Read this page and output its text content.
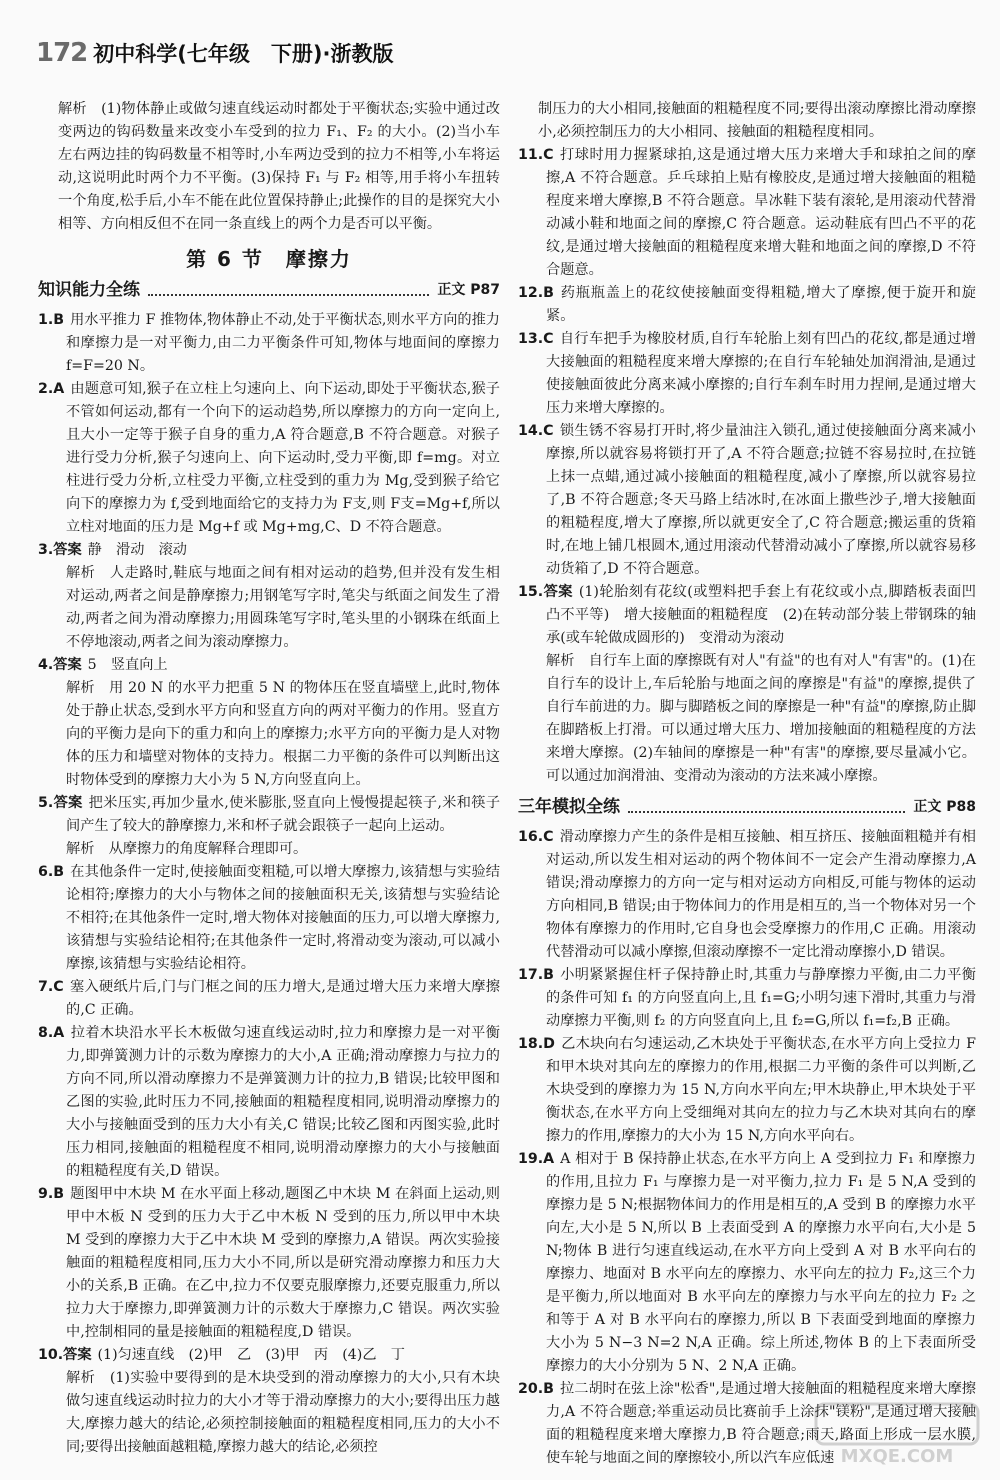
172 初中科学(七年级　下册)·浙教版

解析　(1)物体静止或做匀速直线运动时都处于平衡状态;实验中通过改变两边的钩码数量来改变小车受到的拉力 F₁、F₂ 的大小。(2)当小车左右两边挂的钩码数量不相等时,小车两边受到的拉力不相等,小车将运动,这说明此时两个力不平衡。(3)保持 F₁ 与 F₂ 相等,用手将小车扭转一个角度,松手后,小车不能在此位置保持静止;此操作的目的是探究大小相等、方向相反但不在同一条直线上的两个力是否可以平衡。

第 6 节　摩擦力
知识能力全练	正文 P87

1.B 用水平推力 F 推物体,物体静止不动,处于平衡状态,则水平方向的推力和摩擦力是一对平衡力,由二力平衡条件可知,物体与地面间的摩擦力 f=F=20 N。

2.A 由题意可知,猴子在立柱上匀速向上、向下运动,即处于平衡状态,猴子不管如何运动,都有一个向下的运动趋势,所以摩擦力的方向一定向上,且大小一定等于猴子自身的重力,A 符合题意,B 不符合题意。对猴子进行受力分析,猴子匀速向上、向下运动时,受力平衡,即 f=mg。对立柱进行受力分析,立柱受力平衡,立柱受到的重力为 Mg,受到猴子给它向下的摩擦力为 f,受到地面给它的支持力为 F支,则 F支=Mg+f,所以立柱对地面的压力是 Mg+f 或 Mg+mg,C、D 不符合题意。

3.答案 静　滑动　滚动

解析　人走路时,鞋底与地面之间有相对运动的趋势,但并没有发生相对运动,两者之间是静摩擦力;用钢笔写字时,笔尖与纸面之间发生了滑动,两者之间为滑动摩擦力;用圆珠笔写字时,笔头里的小钢珠在纸面上不停地滚动,两者之间为滚动摩擦力。

4.答案 5　竖直向上

解析　用 20 N 的水平力把重 5 N 的物体压在竖直墙壁上,此时,物体处于静止状态,受到水平方向和竖直方向的两对平衡力的作用。竖直方向的平衡力是向下的重力和向上的摩擦力;水平方向的平衡力是人对物体的压力和墙壁对物体的支持力。根据二力平衡的条件可以判断出这时物体受到的摩擦力大小为 5 N,方向竖直向上。

5.答案 把米压实,再加少量水,使米膨胀,竖直向上慢慢提起筷子,米和筷子间产生了较大的静摩擦力,米和杯子就会跟筷子一起向上运动。

解析　从摩擦力的角度解释合理即可。

6.B 在其他条件一定时,使接触面变粗糙,可以增大摩擦力,该猜想与实验结论相符;摩擦力的大小与物体之间的接触面积无关,该猜想与实验结论不相符;在其他条件一定时,增大物体对接触面的压力,可以增大摩擦力,该猜想与实验结论相符;在其他条件一定时,将滑动变为滚动,可以减小摩擦,该猜想与实验结论相符。

7.C 塞入硬纸片后,门与门框之间的压力增大,是通过增大压力来增大摩擦的,C 正确。

8.A 拉着木块沿水平长木板做匀速直线运动时,拉力和摩擦力是一对平衡力,即弹簧测力计的示数为摩擦力的大小,A 正确;滑动摩擦力与拉力的方向不同,所以滑动摩擦力不是弹簧测力计的拉力,B 错误;比较甲图和乙图的实验,此时压力不同,接触面的粗糙程度相同,说明滑动摩擦力的大小与接触面受到的压力大小有关,C 错误;比较乙图和丙图实验,此时压力相同,接触面的粗糙程度不相同,说明滑动摩擦力的大小与接触面的粗糙程度有关,D 错误。

9.B 题图甲中木块 M 在水平面上移动,题图乙中木块 M 在斜面上运动,则甲中木板 N 受到的压力大于乙中木板 N 受到的压力,所以甲中木块 M 受到的摩擦力大于乙中木块 M 受到的摩擦力,A 错误。两次实验接触面的粗糙程度相同,压力大小不同,所以是研究滑动摩擦力和压力大小的关系,B 正确。在乙中,拉力不仅要克服摩擦力,还要克服重力,所以拉力大于摩擦力,即弹簧测力计的示数大于摩擦力,C 错误。两次实验中,控制相同的量是接触面的粗糙程度,D 错误。

10.答案 (1)匀速直线　(2)甲　乙　(3)甲　丙　(4)乙　丁

解析　(1)实验中要得到的是木块受到的滑动摩擦力的大小,只有木块做匀速直线运动时拉力的大小才等于滑动摩擦力的大小;要得出压力越大,摩擦力越大的结论,必须控制接触面的粗糙程度相同,压力的大小不同;要得出接触面越粗糙,摩擦力越大的结论,必须控

制压力的大小相同,接触面的粗糙程度不同;要得出滚动摩擦比滑动摩擦小,必须控制压力的大小相同、接触面的粗糙程度相同。

11.C 打球时用力握紧球拍,这是通过增大压力来增大手和球拍之间的摩擦,A 不符合题意。乒乓球拍上贴有橡胶皮,是通过增大接触面的粗糙程度来增大摩擦,B 不符合题意。旱冰鞋下装有滚轮,是用滚动代替滑动减小鞋和地面之间的摩擦,C 符合题意。运动鞋底有凹凸不平的花纹,是通过增大接触面的粗糙程度来增大鞋和地面之间的摩擦,D 不符合题意。

12.B 药瓶瓶盖上的花纹使接触面变得粗糙,增大了摩擦,便于旋开和旋紧。

13.C 自行车把手为橡胶材质,自行车轮胎上刻有凹凸的花纹,都是通过增大接触面的粗糙程度来增大摩擦的;在自行车轮轴处加润滑油,是通过使接触面彼此分离来减小摩擦的;自行车刹车时用力捏闸,是通过增大压力来增大摩擦的。

14.C 锁生锈不容易打开时,将少量油注入锁孔,通过使接触面分离来减小摩擦,所以就容易将锁打开了,A 不符合题意;拉链不容易拉时,在拉链上抹一点蜡,通过减小接触面的粗糙程度,减小了摩擦,所以就容易拉了,B 不符合题意;冬天马路上结冰时,在冰面上撒些沙子,增大接触面的粗糙程度,增大了摩擦,所以就更安全了,C 符合题意;搬运重的货箱时,在地上铺几根圆木,通过用滚动代替滑动减小了摩擦,所以就容易移动货箱了,D 不符合题意。

15.答案 (1)轮胎刻有花纹(或塑料把手套上有花纹或小点,脚踏板表面凹凸不平等)　增大接触面的粗糙程度　(2)在转动部分装上带钢珠的轴承(或车轮做成圆形的)　变滑动为滚动

解析　自行车上面的摩擦既有对人"有益"的也有对人"有害"的。(1)在自行车的设计上,车后轮胎与地面之间的摩擦是"有益"的摩擦,提供了自行车前进的力。脚与脚踏板之间的摩擦是一种"有益"的摩擦,防止脚在脚踏板上打滑。可以通过增大压力、增加接触面的粗糙程度的方法来增大摩擦。(2)车轴间的摩擦是一种"有害"的摩擦,要尽量减小它。可以通过加润滑油、变滑动为滚动的方法来减小摩擦。

三年模拟全练	正文 P88

16.C 滑动摩擦力产生的条件是相互接触、相互挤压、接触面粗糙并有相对运动,所以发生相对运动的两个物体间不一定会产生滑动摩擦力,A 错误;滑动摩擦力的方向一定与相对运动方向相反,可能与物体的运动方向相同,B 错误;由于物体间力的作用是相互的,当一个物体对另一个物体有摩擦力的作用时,它自身也会受摩擦力的作用,C 正确。用滚动代替滑动可以减小摩擦,但滚动摩擦不一定比滑动摩擦小,D 错误。

17.B 小明紧紧握住杆子保持静止时,其重力与静摩擦力平衡,由二力平衡的条件可知 f₁ 的方向竖直向上,且 f₁=G;小明匀速下滑时,其重力与滑动摩擦力平衡,则 f₂ 的方向竖直向上,且 f₂=G,所以 f₁=f₂,B 正确。

18.D 乙木块向右匀速运动,乙木块处于平衡状态,在水平方向上受拉力 F 和甲木块对其向左的摩擦力的作用,根据二力平衡的条件可以判断,乙木块受到的摩擦力为 15 N,方向水平向左;甲木块静止,甲木块处于平衡状态,在水平方向上受细绳对其向左的拉力与乙木块对其向右的摩擦力的作用,摩擦力的大小为 15 N,方向水平向右。

19.A A 相对于 B 保持静止状态,在水平方向上 A 受到拉力 F₁ 和摩擦力的作用,且拉力 F₁ 与摩擦力是一对平衡力,拉力 F₁ 是 5 N,A 受到的摩擦力是 5 N;根据物体间力的作用是相互的,A 受到 B 的摩擦力水平向左,大小是 5 N,所以 B 上表面受到 A 的摩擦力水平向右,大小是 5 N;物体 B 进行匀速直线运动,在水平方向上受到 A 对 B 水平向右的摩擦力、地面对 B 水平向左的摩擦力、水平向左的拉力 F₂,这三个力是平衡力,所以地面对 B 水平向左的摩擦力与水平向左的拉力 F₂ 之和等于 A 对 B 水平向右的摩擦力,所以 B 下表面受到地面的摩擦力大小为 5 N−3 N=2 N,A 正确。综上所述,物体 B 的上下表面所受摩擦力的大小分别为 5 N、2 N,A 正确。

20.B 拉二胡时在弦上涂"松香",是通过增大接触面的粗糙程度来增大摩擦力,A 不符合题意;举重运动员比赛前手上涂抹"镁粉",是通过增大接触面的粗糙程度来增大摩擦力,B 符合题意;雨天,路面上形成一层水膜,使车轮与地面之间的摩擦较小,所以汽车应低速 MXQE.COM
